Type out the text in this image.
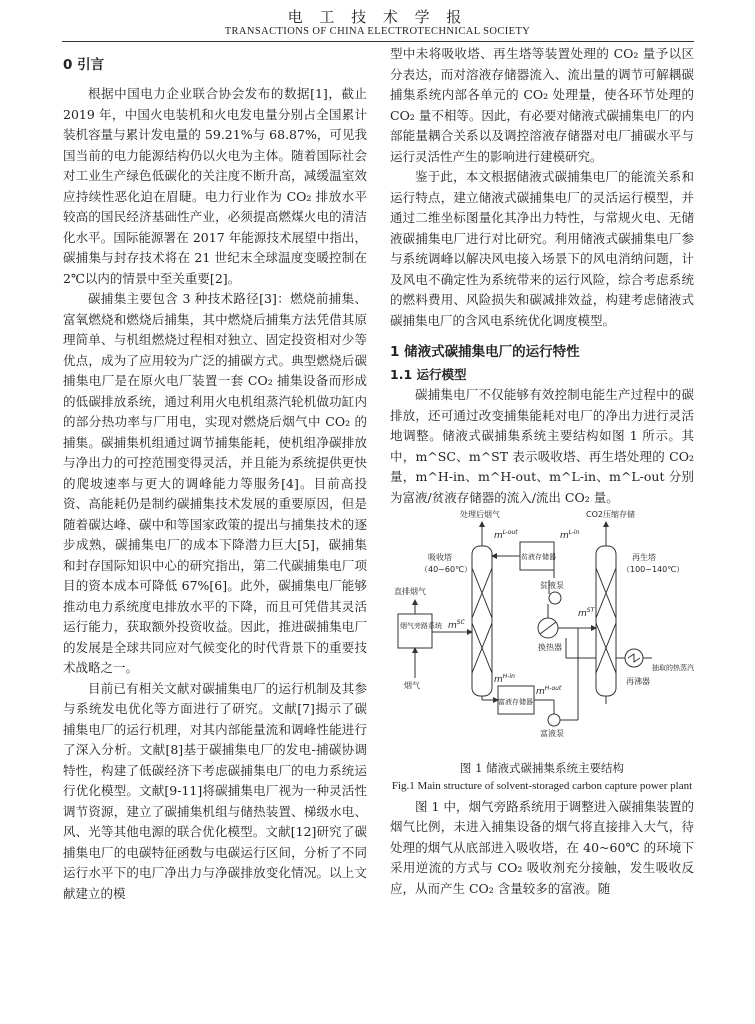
电 工 技 术 学 报
TRANSACTIONS OF CHINA ELECTROTECHNICAL SOCIETY
0 引言

根据中国电力企业联合协会发布的数据[1]，截止 2019 年，中国火电装机和火电发电量分别占全国累计装机容量与累计发电量的 59.21%与 68.87%，可见我国当前的电力能源结构仍以火电为主体。随着国际社会对工业生产绿色低碳化的关注度不断升高，减缓温室效应持续性恶化迫在眉睫。电力行业作为 CO₂ 排放水平较高的国民经济基础性产业，必须提高燃煤火电的清洁化水平。国际能源署在 2017 年能源技术展望中指出，碳捕集与封存技术将在 21 世纪末全球温度变暖控制在 2℃以内的情景中至关重要[2]。

碳捕集主要包含 3 种技术路径[3]：燃烧前捕集、富氧燃烧和燃烧后捕集，其中燃烧后捕集方法凭借其原理简单、与机组燃烧过程相对独立、固定投资相对少等优点，成为了应用较为广泛的捕碳方式。典型燃烧后碳捕集电厂是在原火电厂装置一套 CO₂ 捕集设备而形成的低碳排放系统，通过利用火电机组蒸汽轮机做功缸内的部分热功率与厂用电，实现对燃烧后烟气中 CO₂ 的捕集。碳捕集机组通过调节捕集能耗，使机组净碳排放与净出力的可控范围变得灵活，并且能为系统提供更快的爬坡速率与更大的调峰能力等服务[4]。目前高投资、高能耗仍是制约碳捕集技术发展的重要原因，但是随着碳达峰、碳中和等国家政策的提出与捕集技术的逐步成熟，碳捕集电厂的成本下降潜力巨大[5]，碳捕集和封存国际知识中心的研究指出，第二代碳捕集电厂项目的资本成本可降低 67%[6]。此外，碳捕集电厂能够推动电力系统度电排放水平的下降，而且可凭借其灵活运行能力，获取额外投资收益。因此，推进碳捕集电厂的发展是全球共同应对气候变化的时代背景下的重要技术战略之一。

目前已有相关文献对碳捕集电厂的运行机制及其参与系统发电优化等方面进行了研究。文献[7]揭示了碳捕集电厂的运行机理，对其内部能量流和调峰性能进行了深入分析。文献[8]基于碳捕集电厂的发电-捕碳协调特性，构建了低碳经济下考虑碳捕集电厂的电力系统运行优化模型。文献[9-11]将碳捕集电厂视为一种灵活性调节资源，建立了碳捕集机组与储热装置、梯级水电、风、光等其他电源的联合优化模型。文献[12]研究了碳捕集电厂的电碳特征函数与电碳运行区间，分析了不同运行水平下的电厂净出力与净碳排放变化情况。以上文献建立的模

型中未将吸收塔、再生塔等装置处理的 CO₂ 量予以区分表达，而对溶液存储器流入、流出量的调节可解耦碳捕集系统内部各单元的 CO₂ 处理量，使各环节处理的 CO₂ 量不相等。因此，有必要对储液式碳捕集电厂的内部能量耦合关系以及调控溶液存储器对电厂捕碳水平与运行灵活性产生的影响进行建模研究。

鉴于此，本文根据储液式碳捕集电厂的能流关系和运行特点，建立储液式碳捕集电厂的灵活运行模型，并通过二维坐标图量化其净出力特性，与常规火电、无储液碳捕集电厂进行对比研究。利用储液式碳捕集电厂参与系统调峰以解决风电接入场景下的风电消纳问题，计及风电不确定性为系统带来的运行风险，综合考虑系统的燃料费用、风险损失和碳减排效益，构建考虑储液式碳捕集电厂的含风电系统优化调度模型。

1 储液式碳捕集电厂的运行特性
1.1 运行模型

碳捕集电厂不仅能够有效控制电能生产过程中的碳排放，还可通过改变捕集能耗对电厂的净出力进行灵活地调整。储液式碳捕集系统主要结构如图 1 所示。其中，m^SC、m^ST 表示吸收塔、再生塔处理的 CO₂ 量，m^H-in、m^H-out、m^L-in、m^L-out 分别为富液/贫液存储器的流入/流出 CO₂ 量。

处理后烟气	CO2压缩存储
吸收塔
（40~60℃）
再生塔
（100~140℃）
直排烟气
烟气旁路系统
烟气
贫液存储器
富液存储器
贫液泵
富液泵
换热器
再沸器
抽取的热蒸汽
$m^{SC}$
$m^{ST}$
$m^{L-out}$	$m^{L-in}$
$m^{H-in}$
$m^{H-out}$
图 1 储液式碳捕集系统主要结构
Fig.1 Main structure of solvent-storaged carbon capture power plant

图 1 中，烟气旁路系统用于调整进入碳捕集装置的烟气比例，未进入捕集设备的烟气将直接排入大气，待处理的烟气从底部进入吸收塔，在 40~60℃ 的环境下采用逆流的方式与 CO₂ 吸收剂充分接触，发生吸收反应，从而产生 CO₂ 含量较多的富液。随
